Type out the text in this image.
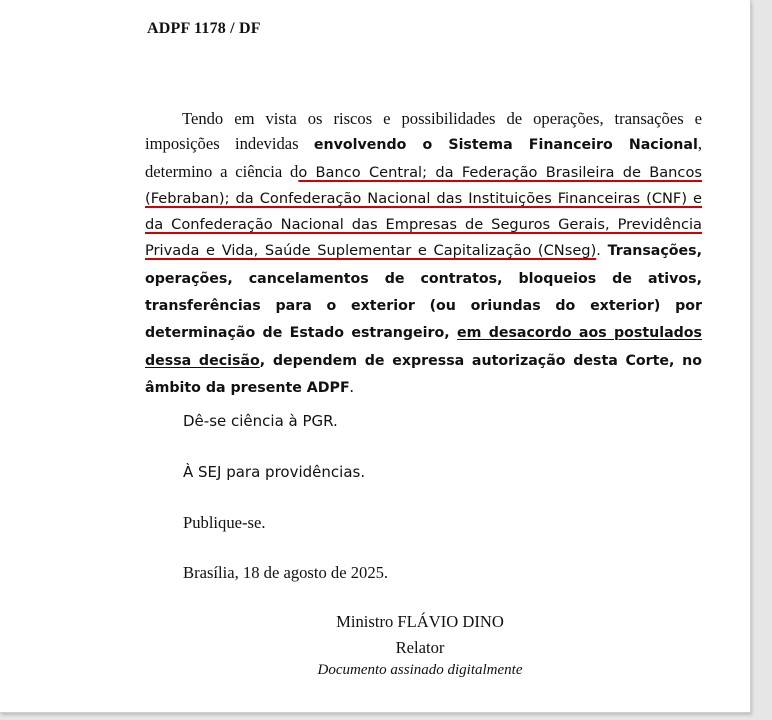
ADPF 1178 / DF

Tendo em vista os riscos e possibilidades de operações, transações e imposições indevidas envolvendo o Sistema Financeiro Nacional, determino a ciência do Banco Central; da Federação Brasileira de Bancos (Febraban); da Confederação Nacional das Instituições Financeiras (CNF) e da Confederação Nacional das Empresas de Seguros Gerais, Previdência Privada e Vida, Saúde Suplementar e Capitalização (CNseg). Transações, operações, cancelamentos de contratos, bloqueios de ativos, transferências para o exterior (ou oriundas do exterior) por determinação de Estado estrangeiro, em desacordo aos postulados dessa decisão, dependem de expressa autorização desta Corte, no âmbito da presente ADPF.

Dê-se ciência à PGR.
À SEJ para providências.
Publique-se.
Brasília, 18 de agosto de 2025.
Ministro FLÁVIO DINO
Relator
Documento assinado digitalmente
